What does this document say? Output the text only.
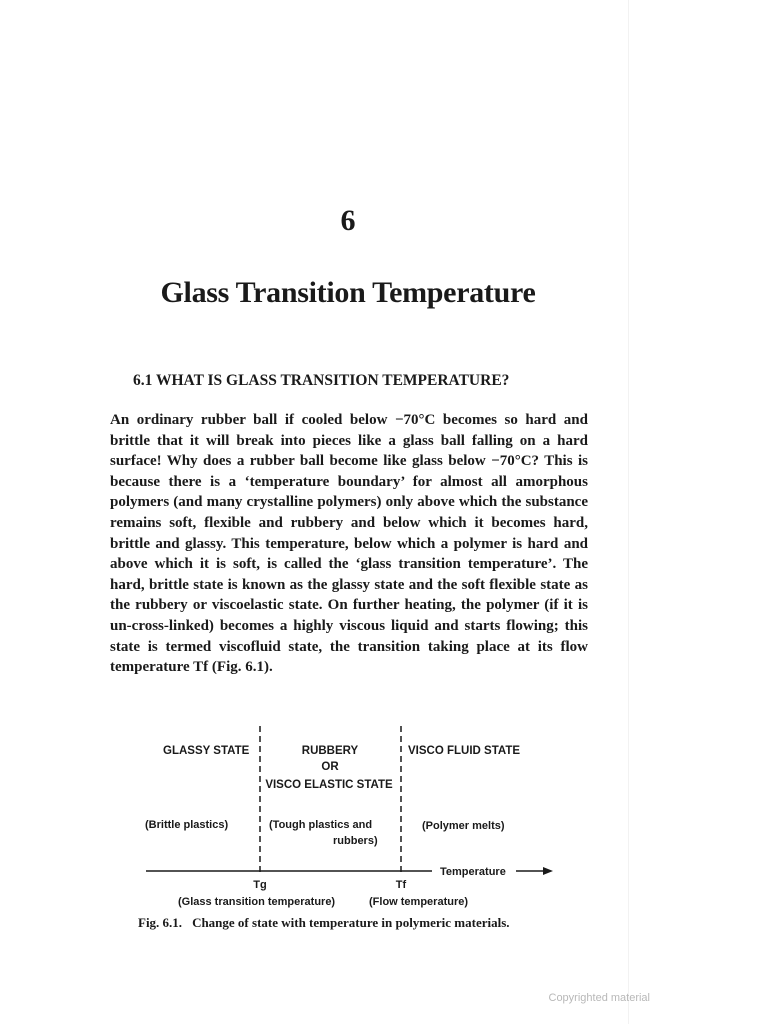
6
Glass Transition Temperature
6.1 WHAT IS GLASS TRANSITION TEMPERATURE?

An ordinary rubber ball if cooled below −70°C becomes so hard and brittle that it will break into pieces like a glass ball falling on a hard surface! Why does a rubber ball become like glass below −70°C? This is because there is a ‘temperature boundary’ for almost all amorphous polymers (and many crystalline polymers) only above which the substance remains soft, flexible and rubbery and below which it becomes hard, brittle and glassy. This temperature, below which a polymer is hard and above which it is soft, is called the ‘glass transition temperature’. The hard, brittle state is known as the glassy state and the soft flexible state as the rubbery or viscoelastic state. On further heating, the polymer (if it is un-cross-linked) becomes a highly viscous liquid and starts flowing; this state is termed viscofluid state, the transition taking place at its flow temperature Tf (Fig. 6.1).

GLASSY STATE	RUBBERY
OR
VISCO ELASTIC STATE
VISCO FLUID STATE
(Brittle plastics)	(Tough plastics and
rubbers)
(Polymer melts)
Temperature
Tg	Tf
(Glass transition temperature)	(Flow temperature)
Fig. 6.1. Change of state with temperature in polymeric materials.
Copyrighted material
